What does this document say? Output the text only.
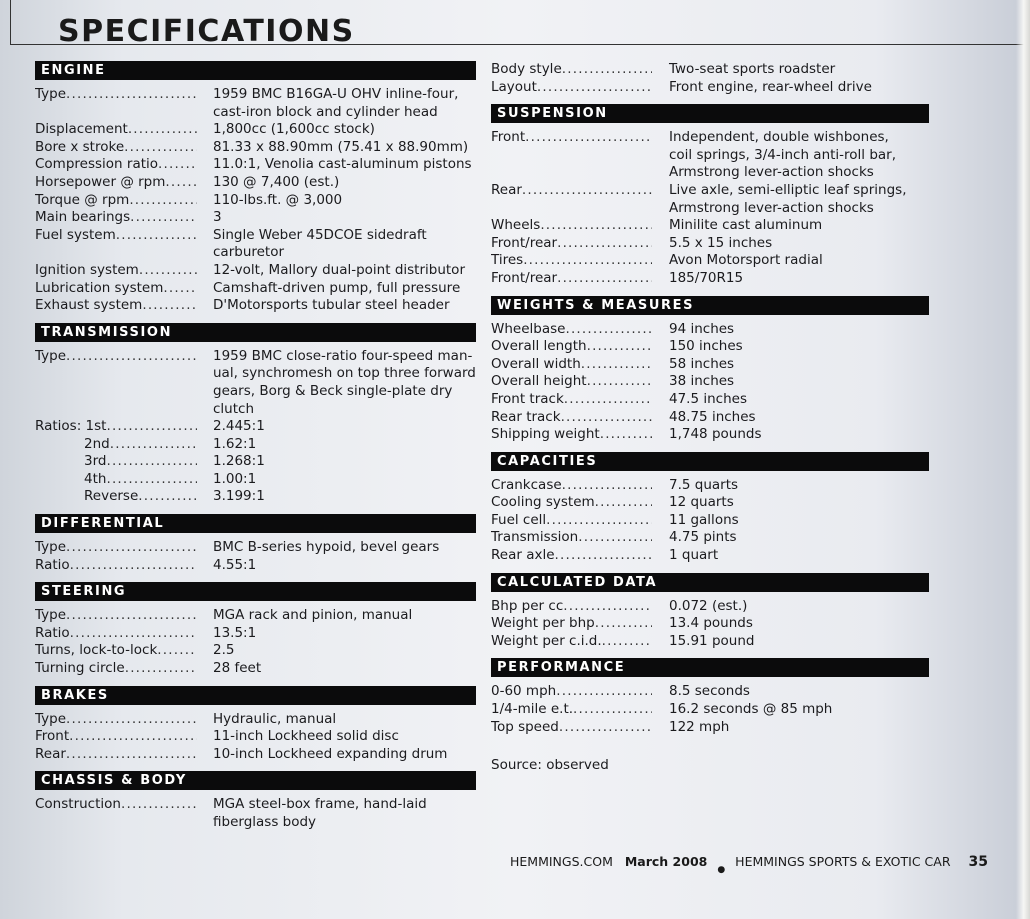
SPECIFICATIONS
ENGINE
Type .....	1959 BMC B16GA-U OHV inline-four,
cast-iron block and cylinder head
Displacement .....	1,800cc (1,600cc stock)
Bore x stroke .....	81.33 x 88.90mm (75.41 x 88.90mm)
Compression ratio .....	11.0:1, Venolia cast-aluminum pistons
Horsepower @ rpm .....	130 @ 7,400 (est.)
Torque @ rpm .....	110-lbs.ft. @ 3,000
Main bearings .....	3
Fuel system .....	Single Weber 45DCOE sidedraft
carburetor
Ignition system .....	12-volt, Mallory dual-point distributor
Lubrication system .....	Camshaft-driven pump, full pressure
Exhaust system .....	D'Motorsports tubular steel header
TRANSMISSION
Type .....	1959 BMC close-ratio four-speed man-
ual, synchromesh on top three forward
gears, Borg & Beck single-plate dry clutch
Ratios: 1st .....	2.445:1
2nd .....	1.62:1
3rd .....	1.268:1
4th .....	1.00:1
Reverse .....	3.199:1
DIFFERENTIAL
Type .....	BMC B-series hypoid, bevel gears
Ratio .....	4.55:1
STEERING
Type .....	MGA rack and pinion, manual
Ratio .....	13.5:1
Turns, lock-to-lock .....	2.5
Turning circle .....	28 feet
BRAKES
Type .....	Hydraulic, manual
Front .....	11-inch Lockheed solid disc
Rear .....	10-inch Lockheed expanding drum
CHASSIS & BODY
Construction .....	MGA steel-box frame, hand-laid
fiberglass body
Body style .....	Two-seat sports roadster
Layout .....	Front engine, rear-wheel drive
SUSPENSION
Front .....	Independent, double wishbones,
coil springs, 3/4-inch anti-roll bar,
Armstrong lever-action shocks
Rear .....	Live axle, semi-elliptic leaf springs,
Armstrong lever-action shocks
Wheels .....	Minilite cast aluminum
Front/rear .....	5.5 x 15 inches
Tires .....	Avon Motorsport radial
Front/rear .....	185/70R15
WEIGHTS & MEASURES
Wheelbase .....	94 inches
Overall length .....	150 inches
Overall width .....	58 inches
Overall height .....	38 inches
Front track .....	47.5 inches
Rear track .....	48.75 inches
Shipping weight .....	1,748 pounds
CAPACITIES
Crankcase .....	7.5 quarts
Cooling system .....	12 quarts
Fuel cell .....	11 gallons
Transmission .....	4.75 pints
Rear axle .....	1 quart
CALCULATED DATA
Bhp per cc .....	0.072 (est.)
Weight per bhp .....	13.4 pounds
Weight per c.i.d. .....	15.91 pound
PERFORMANCE
0-60 mph .....	8.5 seconds
1/4-mile e.t. .....	16.2 seconds @ 85 mph
Top speed .....	122 mph
Source: observed
HEMMINGS.COM March 2008 $_●$ HEMMINGS SPORTS & EXOTIC CAR 35
